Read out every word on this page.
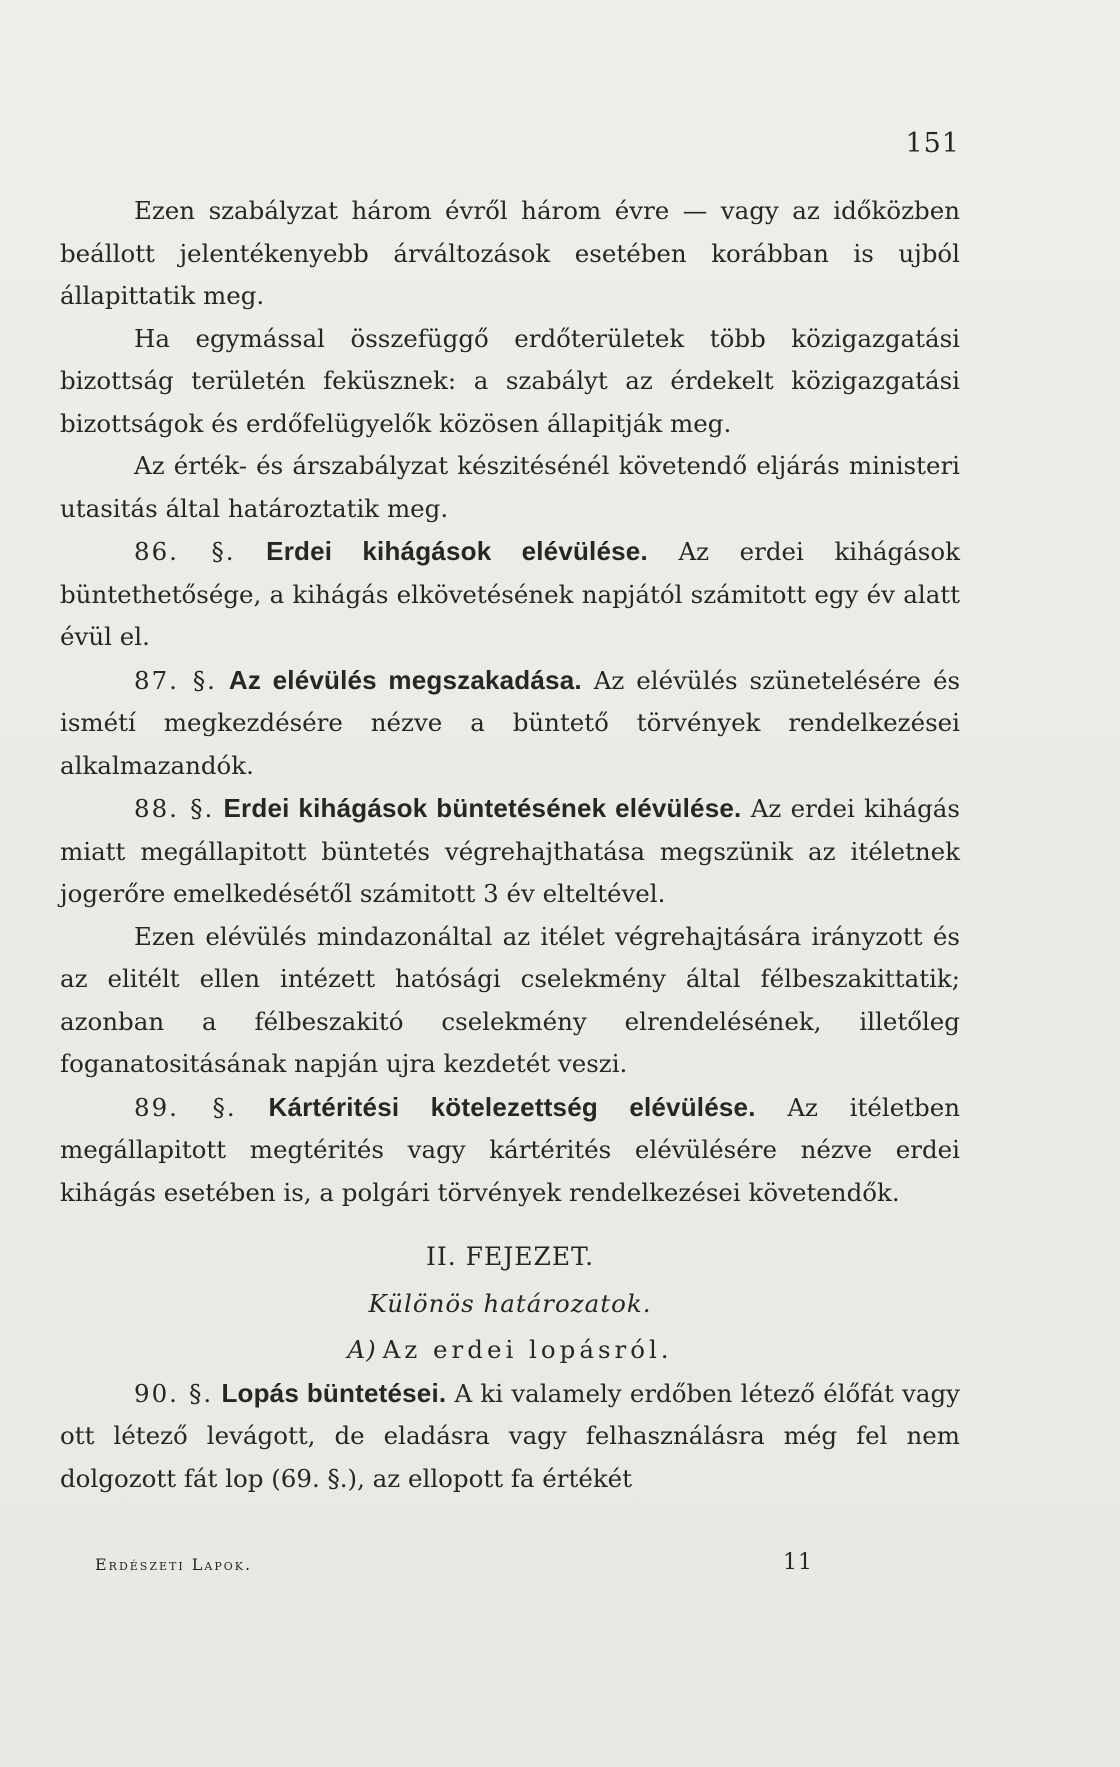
151

Ezen szabályzat három évről három évre — vagy az időközben beállott jelentékenyebb árváltozások esetében korábban is ujból állapittatik meg.

Ha egymással összefüggő erdőterületek több közigazgatási bizottság területén feküsznek: a szabályt az érdekelt közigazgatási bizottságok és erdőfelügyelők közösen állapitják meg.

Az érték- és árszabályzat készitésénél követendő eljárás ministeri utasitás által határoztatik meg.

86. §. Erdei kihágások elévülése. Az erdei kihágások büntethetősége, a kihágás elkövetésének napjától számitott egy év alatt évül el.

87. §. Az elévülés megszakadása. Az elévülés szünetelésére és ismétí megkezdésére nézve a büntető törvények rendelkezései alkalmazandók.

88. §. Erdei kihágások büntetésének elévülése. Az erdei kihágás miatt megállapitott büntetés végrehajthatása megszünik az itéletnek jogerőre emelkedésétől számitott 3 év elteltével.

Ezen elévülés mindazonáltal az itélet végrehajtására irányzott és az elitélt ellen intézett hatósági cselekmény által félbeszakittatik; azonban a félbeszakitó cselekmény elrendelésének, illetőleg foganatositásának napján ujra kezdetét veszi.

89. §. Kártéritési kötelezettség elévülése. Az itéletben megállapitott megtérités vagy kártérités elévülésére nézve erdei kihágás esetében is, a polgári törvények rendelkezései követendők.

II. FEJEZET.

Különös határozatok.

A) Az erdei lopásról.

90. §. Lopás büntetései. A ki valamely erdőben létező élőfát vagy ott létező levágott, de eladásra vagy felhasználásra még fel nem dolgozott fát lop (69. §.), az ellopott fa értékét

Erdészeti Lapok.	11
